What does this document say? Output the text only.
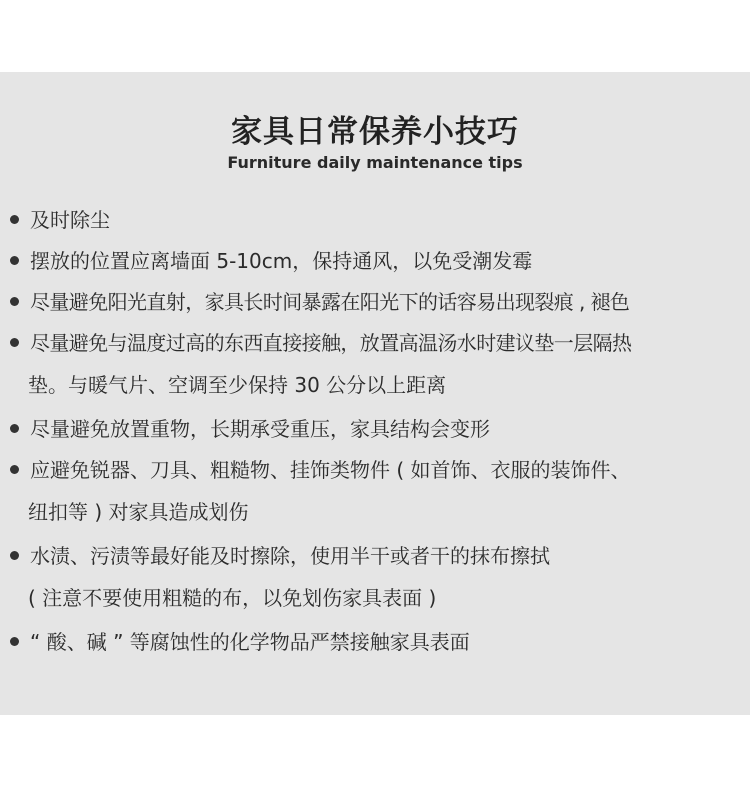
家具日常保养小技巧
Furniture daily maintenance tips
及时除尘
摆放的位置应离墙面 5-10cm，保持通风，以免受潮发霉
尽量避免阳光直射，家具长时间暴露在阳光下的话容易出现裂痕 , 褪色
尽量避免与温度过高的东西直接接触，放置高温汤水时建议垫一层隔热
垫。与暖气片、空调至少保持 30 公分以上距离
尽量避免放置重物，长期承受重压，家具结构会变形
应避免锐器、刀具、粗糙物、挂饰类物件 ( 如首饰、衣服的装饰件、
纽扣等 ) 对家具造成划伤
水渍、污渍等最好能及时擦除，使用半干或者干的抹布擦拭
( 注意不要使用粗糙的布，以免划伤家具表面 )
“ 酸、碱 ” 等腐蚀性的化学物品严禁接触家具表面
